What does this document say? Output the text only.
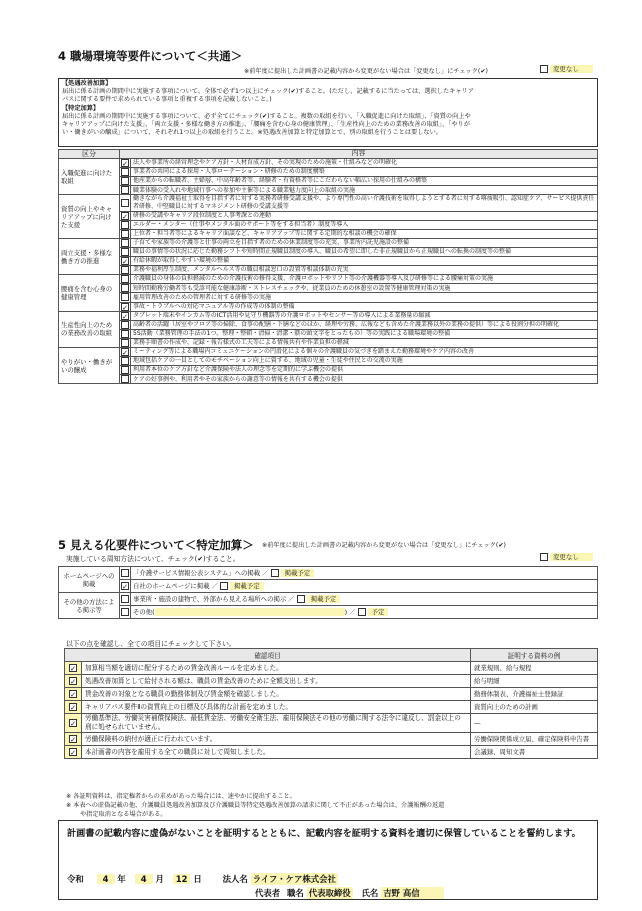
4 職場環境等要件について＜共通＞
※前年度に提出した計画書の記載内容から変更がない場合は「変更なし」にチェック(✔)	変更なし
【処遇改善加算】
届出に係る計画の期間中に実施する事項について、全体で必ず1つ以上にチェック(✔)すること。(ただし、記載するに当たっては、選択したキャリア
パスに関する要件で求められている事項と重複する事項を記載しないこと。)
【特定加算】
届出に係る計画の期間中に実施する事項について、必ず全てにチェック(✔)すること。複数の取組を行い、「入職促進に向けた取組」、「資質の向上や
キャリアアップに向けた支援」、「両立支援・多様な働き方の推進」、「腰痛を含む心身の健康管理」、「生産性向上のための業務改善の取組」、「やりが
い・働きがいの醸成」について、それぞれ1つ以上の取組を行うこと。※処遇改善加算と特定加算とで、別の取組を行うことは要しない。
区分	内容	
入職促進に向けた取組	✓	法人や事業所の経営理念やケア方針・人材育成方針、その実現のための施策・仕組みなどの明確化
		事業者の共同による採用・人事ローテーション・研修のための制度構築
		他産業からの転職者、主婦層、中高年齢者等、経験者・有資格者等にこだわらない幅広い採用の仕組みの構築
		職業体験の受入れや地域行事への参加や主催等による職業魅力度向上の取組の実施
資質の向上やキャリアアップに向けた支援		働きながら介護福祉士取得を目指す者に対する実務者研修受講支援や、より専門性の高い介護技術を取得しようとする者に対する喀痰吸引、認知症ケア、サービス提供責任者研修、中堅職員に対するマネジメント研修の受講支援等
	✓	研修の受講やキャリア段位制度と人事考課との連動
		エルダー・メンター（仕事やメンタル面のサポート等をする担当者）制度等導入
		上位者・担当者等によるキャリア面談など、キャリアアップ等に関する定期的な相談の機会の確保
両立支援・多様な働き方の推進		子育てや家族等の介護等と仕事の両立を目指す者のための休業制度等の充実、事業所内託児施設の整備
		職員の事情等の状況に応じた勤務シフトや短時間正規職員制度の導入、職員の希望に即した非正規職員から正規職員への転換の制度等の整備
	✓	有給休暇が取得しやすい環境の整備
		業務や福利厚生制度、メンタルヘルス等の職員相談窓口の設置等相談体制の充実
腰痛を含む心身の健康管理		介護職員の身体の負担軽減のための介護技術の修得支援、介護ロボットやリフト等の介護機器等導入及び研修等による腰痛対策の実施
		短時間勤務労働者等も受診可能な健康診断・ストレスチェックや、従業員のための休憩室の設置等健康管理対策の実施
		雇用管理改善のための管理者に対する研修等の実施
	✓	事故・トラブルへの対応マニュアル等の作成等の体制の整備
生産性向上のための業務改善の取組	✓	タブレット端末やインカム等のICT活用や見守り機器等の介護ロボットやセンサー等の導入による業務量の縮減
		高齢者の活躍（居室やフロア等の掃除、食事の配膳・下膳などのほか、経理や労務、広報なども含めた介護業務以外の業務の提供）等による役割分担の明確化
		5S活動（業務管理の手法の1つ。整理・整頓・清掃・清潔・躾の頭文字をとったもの）等の実践による職場環境の整備
		業務手順書の作成や、記録・報告様式の工夫等による情報共有や作業負担の軽減
やりがい・働きがいの醸成	✓	ミーティング等による職場内コミュニケーションの円滑化による個々の介護職員の気づきを踏まえた勤務環境やケア内容の改善
		地域包括ケアの一員としてのモチベーション向上に資する、地域の児童・生徒や住民との交流の実施
		利用者本位のケア方針など介護保険や法人の理念等を定期的に学ぶ機会の提供
		ケアの好事例や、利用者やその家族からの謝意等の情報を共有する機会の提供
5 見える化要件について＜特定加算＞ ※前年度に提出した計画書の記載内容から変更がない場合は「変更なし」にチェック(✔)
実施している周知方法について、チェック(✔)すること。	変更なし
ホームページへの掲載		「介護サービス情報公表システム」への掲載 ／ 掲載予定
	✓	自社のホームページに掲載 ／ 掲載予定
その他の方法による掲示等		事業所・施設の建物で、外部から見える場所への掲示 ／ 掲載予定
		その他( ) ／ 予定
以下の点を確認し、全ての項目にチェックして下さい。
確認項目		証明する資料の例
✓	加算相当額を適切に配分するための賃金改善ルールを定めました。	就業規則、給与規程
✓	処遇改善加算として給付される額は、職員の賃金改善のために全額支出します。	給与明細
✓	賃金改善の対象となる職員の勤務体制及び賃金額を確認しました。	勤務体制表、介護福祉士登録証
✓	キャリアパス要件Ⅱの資質向上の目標及び具体的な計画を定めました。	資質向上のための計画
✓	労働基準法、労働災害補償保険法、最低賃金法、労働安全衛生法、雇用保険法その他の労働に関する法令に違反し、罰金以上の刑に処せられていません。	―
✓	労働保険料の納付が適正に行われています。	労働保険関係成立届、確定保険料申告書
✓	本計画書の内容を雇用する全ての職員に対して周知しました。	会議録、周知文書
※ 各証明資料は、指定権者からの求めがあった場合には、速やかに提出すること。
※ 本表への虚偽記載の他、介護職員処遇改善加算及び介護職員等特定処遇改善加算の請求に関して不正があった場合は、介護報酬の返還
や指定取消となる場合がある。
計画書の記載内容に虚偽がないことを証明するとともに、記載内容を証明する資料を適切に保管していることを誓約します。
令和 4 年 4 月 12 日 法人名 ライフ・ケア株式会社
代表者 職名 代表取締役 氏名 吉野 高信
